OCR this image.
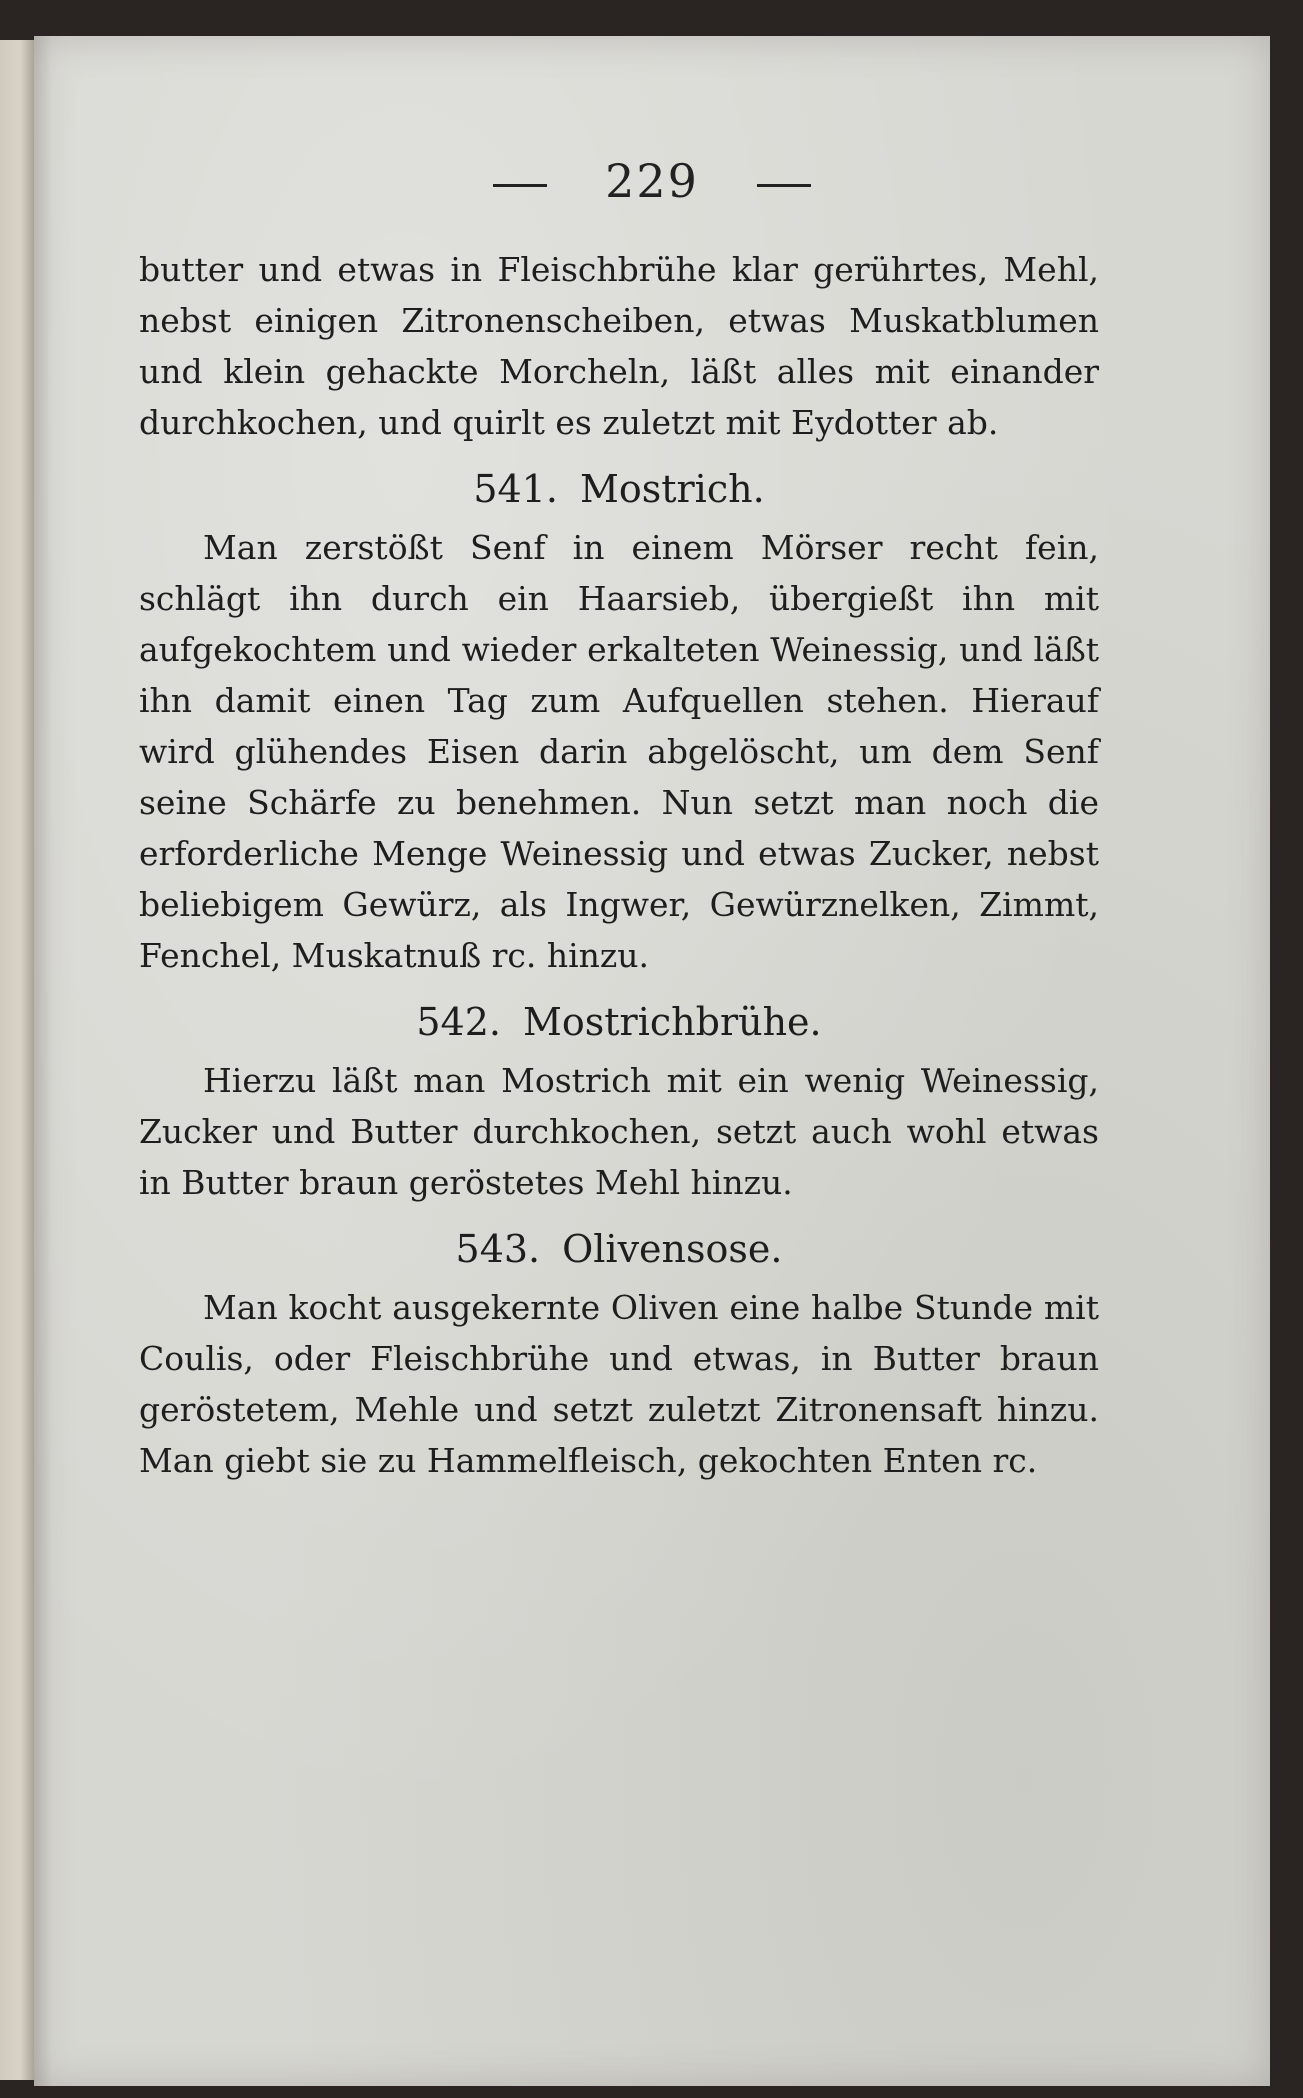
229

butter und etwas in Fleischbrühe klar gerührtes, Mehl, nebst einigen Zitronenscheiben, etwas Muskatblumen und klein gehackte Morcheln, läßt alles mit einander durchkochen, und quirlt es zuletzt mit Eydotter ab.

541. Mostrich.

Man zerstößt Senf in einem Mörser recht fein, schlägt ihn durch ein Haarsieb, übergießt ihn mit aufgekochtem und wieder erkalteten Weinessig, und läßt ihn damit einen Tag zum Aufquellen stehen. Hierauf wird glühendes Eisen darin abgelöscht, um dem Senf seine Schärfe zu benehmen. Nun setzt man noch die erforderliche Menge Weinessig und etwas Zucker, nebst beliebigem Gewürz, als Ingwer, Gewürznelken, Zimmt, Fenchel, Muskatnuß rc. hinzu.

542. Mostrichbrühe.

Hierzu läßt man Mostrich mit ein wenig Weinessig, Zucker und Butter durchkochen, setzt auch wohl etwas in Butter braun geröstetes Mehl hinzu.

543. Olivensose.

Man kocht ausgekernte Oliven eine halbe Stunde mit Coulis, oder Fleischbrühe und etwas, in Butter braun geröstetem, Mehle und setzt zuletzt Zitronensaft hinzu. Man giebt sie zu Hammelfleisch, gekochten Enten rc.
